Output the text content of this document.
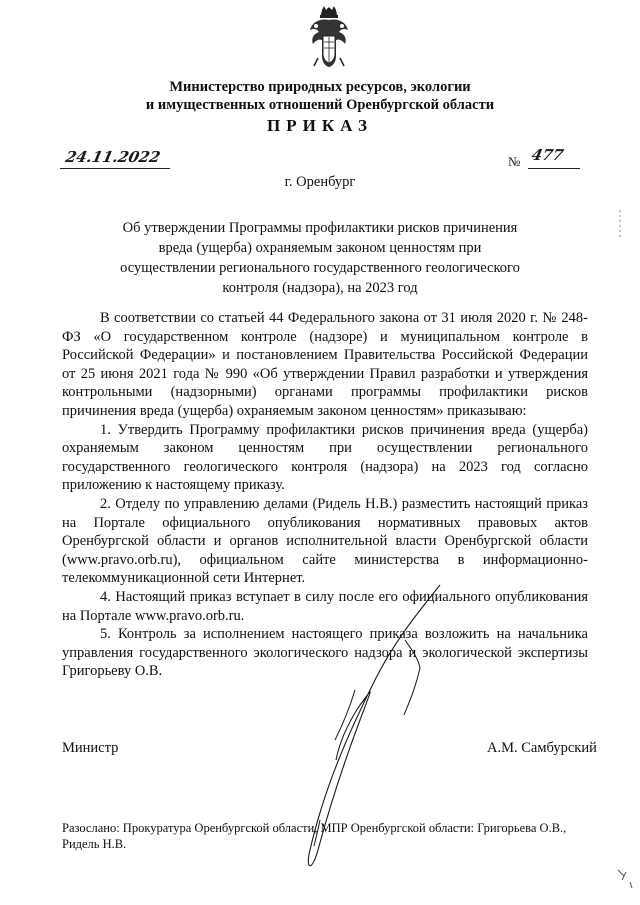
Министерство природных ресурсов, экологии
и имущественных отношений Оренбургской области
ПРИКАЗ
24.11.2022	№ 477
г. Оренбург
Об утверждении Программы профилактики рисков причинения вреда (ущерба) охраняемым законом ценностям при осуществлении регионального государственного геологического контроля (надзора), на 2023 год

В соответствии со статьей 44 Федерального закона от 31 июля 2020 г. № 248-ФЗ «О государственном контроле (надзоре) и муниципальном контроле в Российской Федерации» и постановлением Правительства Российской Федерации от 25 июня 2021 года № 990 «Об утверждении Правил разработки и утверждения контрольными (надзорными) органами программы профилактики рисков причинения вреда (ущерба) охраняемым законом ценностям» приказываю:

1. Утвердить Программу профилактики рисков причинения вреда (ущерба) охраняемым законом ценностям при осуществлении регионального государственного геологического контроля (надзора) на 2023 год согласно приложению к настоящему приказу.

2. Отделу по управлению делами (Ридель Н.В.) разместить настоящий приказ на Портале официального опубликования нормативных правовых актов Оренбургской области и органов исполнительной власти Оренбургской области (www.pravo.orb.ru), официальном сайте министерства в информационно-телекоммуникационной сети Интернет.

4. Настоящий приказ вступает в силу после его официального опубликования на Портале www.pravo.orb.ru.

5. Контроль за исполнением настоящего приказа возложить на начальника управления государственного экологического надзора и экологической экспертизы Григорьеву О.В.

Министр	А.М. Самбурский
Разослано: Прокуратура Оренбургской области, МПР Оренбургской области: Григорьева О.В., Ридель Н.В.
